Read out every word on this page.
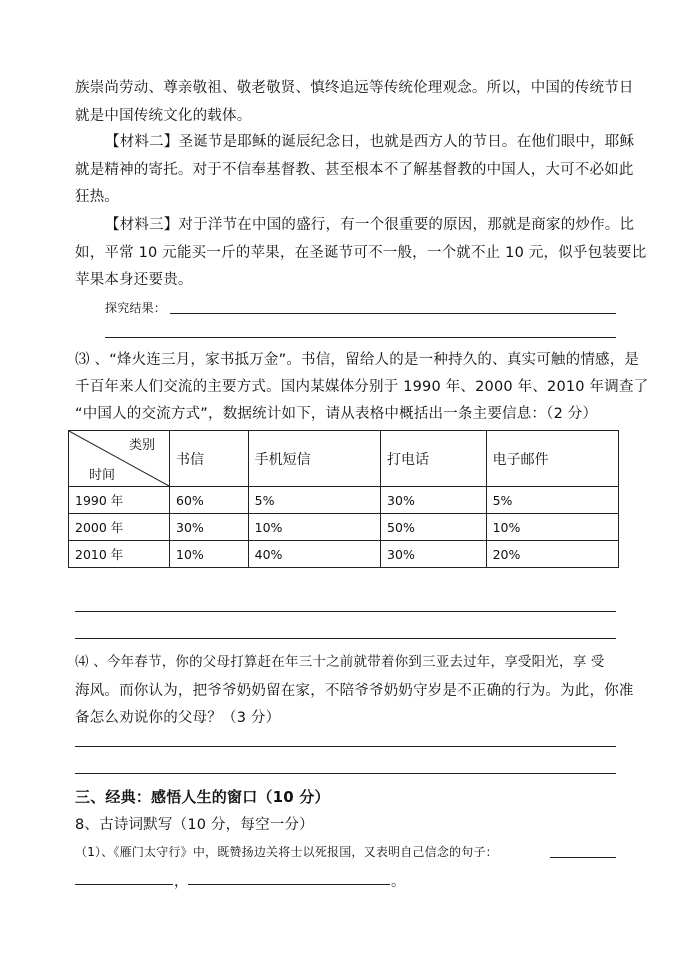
族崇尚劳动、尊亲敬祖、敬老敬贤、慎终追远等传统伦理观念。所以，中国的传统节日
就是中国传统文化的载体。
【材料二】圣诞节是耶稣的诞辰纪念日，也就是西方人的节日。在他们眼中，耶稣
就是精神的寄托。对于不信奉基督教、甚至根本不了解基督教的中国人，大可不必如此
狂热。
【材料三】对于洋节在中国的盛行，有一个很重要的原因，那就是商家的炒作。比
如，平常 10 元能买一斤的苹果，在圣诞节可不一般，一个就不止 10 元，似乎包装要比
苹果本身还要贵。
探究结果：
⑶ 、“烽火连三月，家书抵万金”。书信，留给人的是一种持久的、真实可触的情感，是
千百年来人们交流的主要方式。国内某媒体分别于 1990 年、2000 年、2010 年调查了
“中国人的交流方式”，数据统计如下，请从表格中概括出一条主要信息：（2 分）
类别
时间	书信	手机短信	打电话	电子邮件
1990 年	60%	5%	30%	5%
2000 年	30%	10%	50%	10%
2010 年	10%	40%	30%	20%
⑷ 、今年春节，你的父母打算赶在年三十之前就带着你到三亚去过年，享受阳光，享 受
海风。而你认为，把爷爷奶奶留在家，不陪爷爷奶奶守岁是不正确的行为。为此，你准
备怎么劝说你的父母？（3 分）
三、经典：感悟人生的窗口（10 分）
8、古诗词默写（10 分，每空一分）
（1）、《雁门太守行》中，既赞扬边关将士以死报国，又表明自己信念的句子：
，	。
